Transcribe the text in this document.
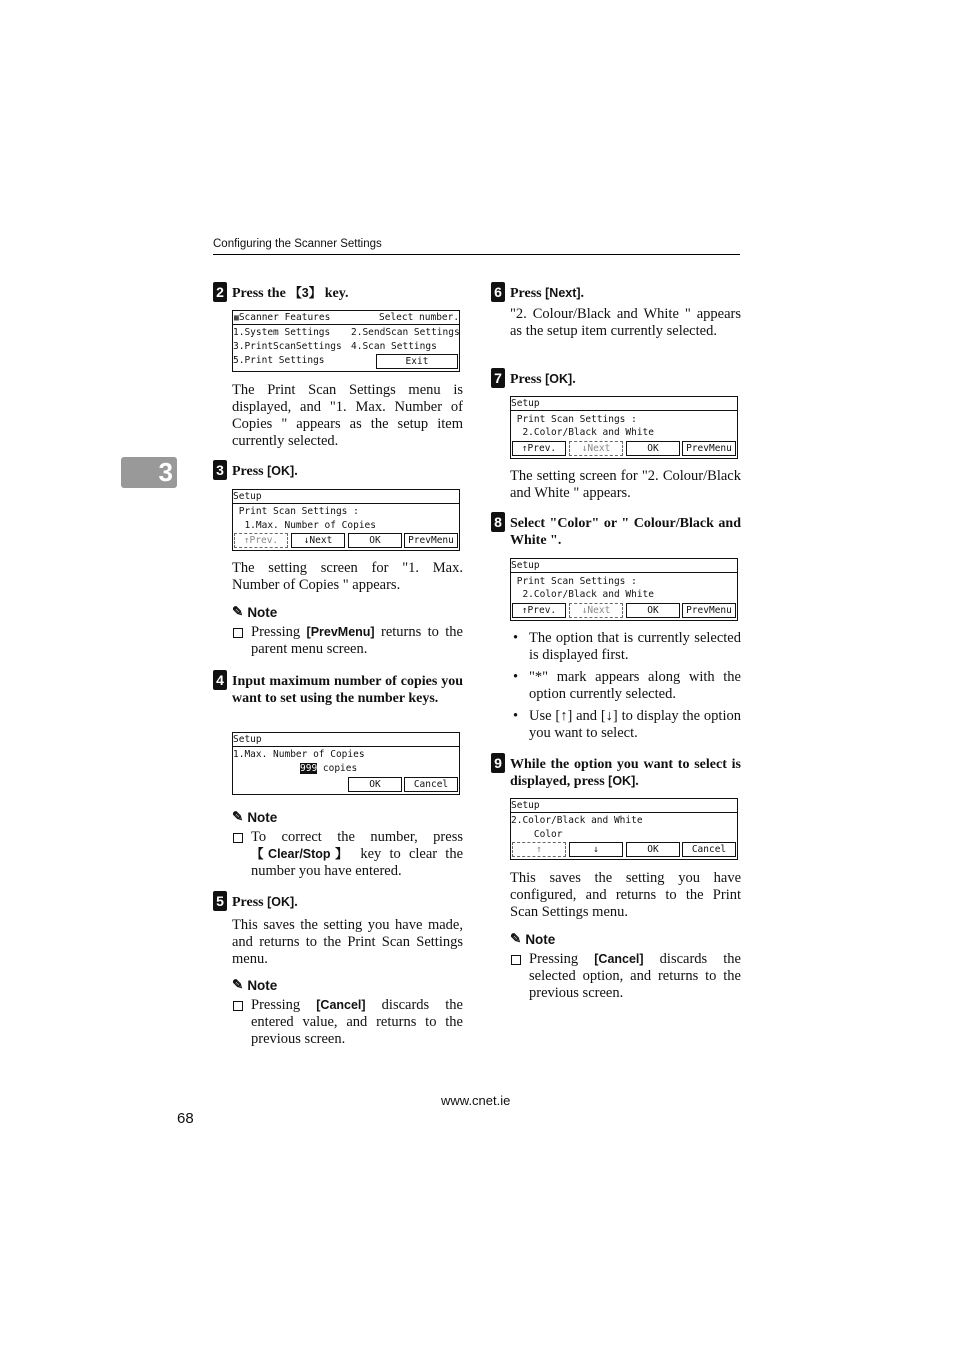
Configuring the Scanner Settings
3
2 Press the 【3】 key.
▦Scanner Features	Select number.
1.System Settings 2.SendScan Settings
3.PrintScanSettings 4.Scan Settings
5.Print Settings	Exit
The Print Scan Settings menu is displayed, and "1. Max. Number of Copies " appears as the setup item currently selected.
3 Press [OK].
Setup
Print Scan Settings :
1.Max. Number of Copies
↑Prev.	↓Next	OK	PrevMenu
The setting screen for "1. Max. Number of Copies " appears.
✎ Note
Pressing [PrevMenu] returns to the parent menu screen.
4 Input maximum number of copies you want to set using the number keys.
Setup
1.Max. Number of Copies
999 copies
OK	Cancel
✎ Note
To correct the number, press 【Clear/Stop】 key to clear the number you have entered.
5 Press [OK].
This saves the setting you have made, and returns to the Print Scan Settings menu.
✎ Note
Pressing [Cancel] discards the entered value, and returns to the previous screen.
6 Press [Next].
"2. Colour/Black and White " appears as the setup item currently selected.
7 Press [OK].
Setup
Print Scan Settings :
2.Color/Black and White
↑Prev.	↓Next	OK	PrevMenu
The setting screen for "2. Colour/Black and White " appears.
8 Select "Color" or " Colour/Black and White ".
Setup
Print Scan Settings :
2.Color/Black and White
↑Prev.	↓Next	OK	PrevMenu
• The option that is currently selected is displayed first.
• "*" mark appears along with the option currently selected.
• Use [↑] and [↓] to display the option you want to select.
9 While the option you want to select is displayed, press [OK].
Setup
2.Color/Black and White
Color
↑	↓	OK	Cancel
This saves the setting you have configured, and returns to the Print Scan Settings menu.
✎ Note
Pressing [Cancel] discards the selected option, and returns to the previous screen.
www.cnet.ie
68
